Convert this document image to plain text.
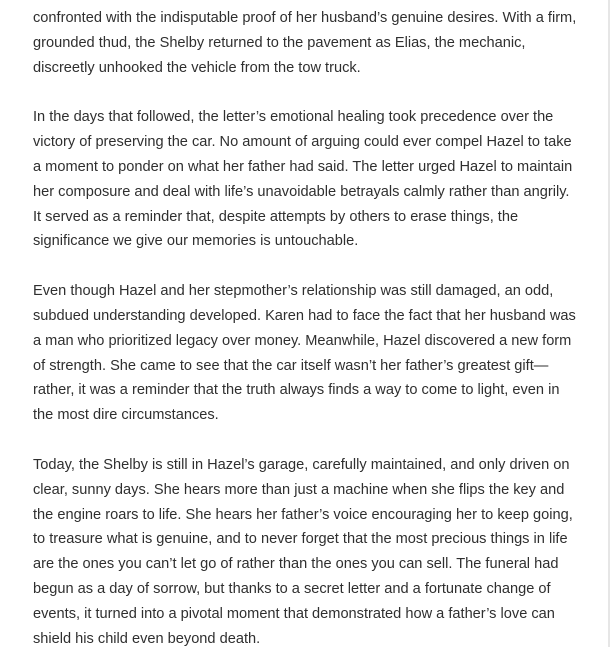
confronted with the indisputable proof of her husband’s genuine desires. With a firm, grounded thud, the Shelby returned to the pavement as Elias, the mechanic, discreetly unhooked the vehicle from the tow truck.

In the days that followed, the letter’s emotional healing took precedence over the victory of preserving the car. No amount of arguing could ever compel Hazel to take a moment to ponder on what her father had said. The letter urged Hazel to maintain her composure and deal with life’s unavoidable betrayals calmly rather than angrily. It served as a reminder that, despite attempts by others to erase things, the significance we give our memories is untouchable.

Even though Hazel and her stepmother’s relationship was still damaged, an odd, subdued understanding developed. Karen had to face the fact that her husband was a man who prioritized legacy over money. Meanwhile, Hazel discovered a new form of strength. She came to see that the car itself wasn’t her father’s greatest gift—rather, it was a reminder that the truth always finds a way to come to light, even in the most dire circumstances.

Today, the Shelby is still in Hazel’s garage, carefully maintained, and only driven on clear, sunny days. She hears more than just a machine when she flips the key and the engine roars to life. She hears her father’s voice encouraging her to keep going, to treasure what is genuine, and to never forget that the most precious things in life are the ones you can’t let go of rather than the ones you can sell. The funeral had begun as a day of sorrow, but thanks to a secret letter and a fortunate change of events, it turned into a pivotal moment that demonstrated how a father’s love can shield his child even beyond death.
